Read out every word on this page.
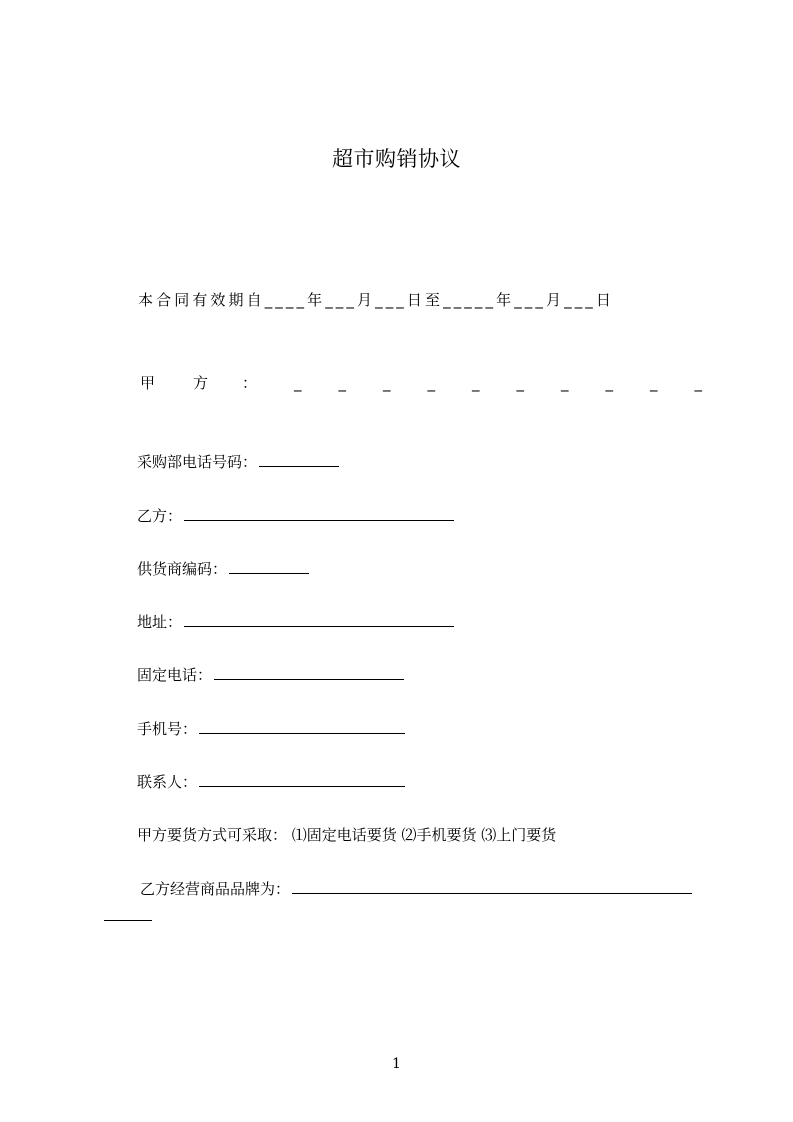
超市购销协议
本合同有效期自____年___月___日至_____年___月___日
甲	方 ： _ _ _ _ _ _ _ _ _ _
采购部电话号码：
乙方：
供货商编码：
地址：
固定电话：
手机号：
联系人：
甲方要货方式可采取： ⑴固定电话要货 ⑵手机要货 ⑶上门要货
乙方经营商品品牌为：
1
